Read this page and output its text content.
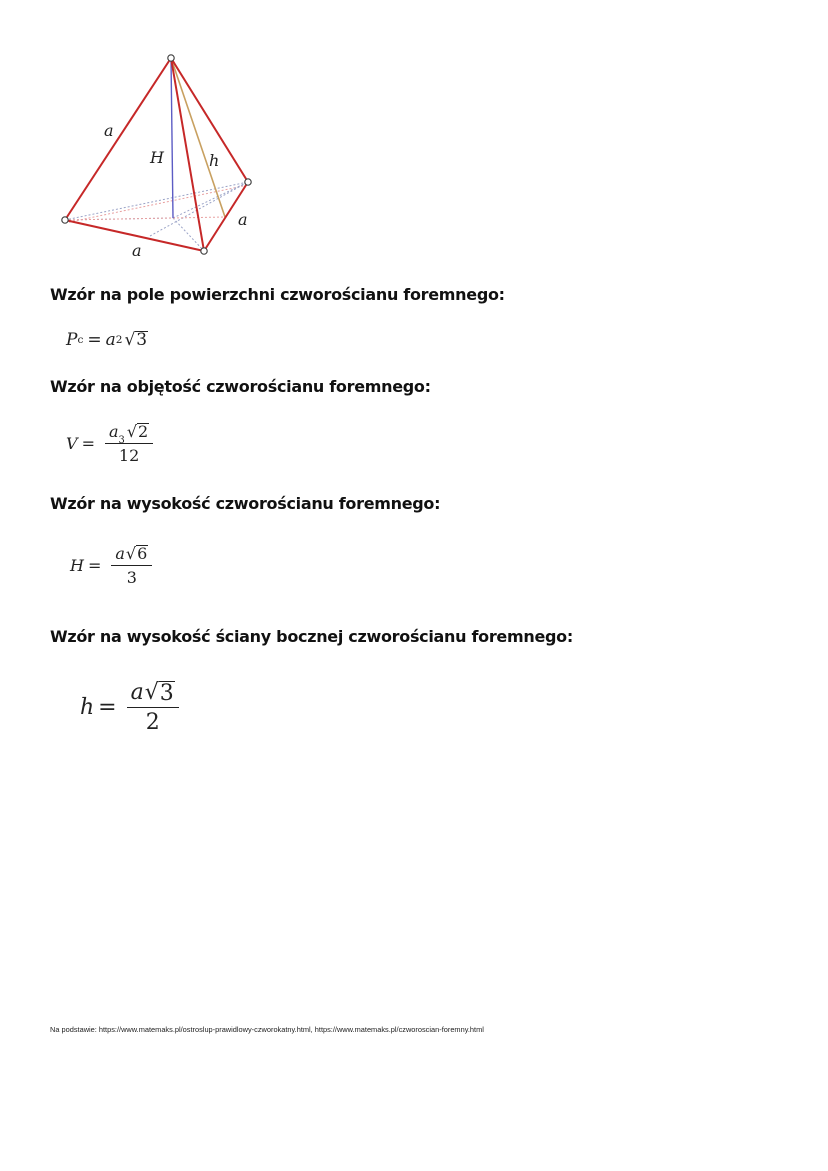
a
H	h
a
a
Wzór na pole powierzchni czworościanu foremnego:
P c = a 2 √ 3
Wzór na objętość czworościanu foremnego:
$V = \frac{a 3 √ 2}{12}$
Wzór na wysokość czworościanu foremnego:
$H = \frac{a √ 6}{3}$
Wzór na wysokość ściany bocznej czworościanu foremnego:
$h = \frac{a √ 3}{2}$
Na podstawie: https://www.matemaks.pl/ostroslup-prawidlowy-czworokatny.html, https://www.matemaks.pl/czworoscian-foremny.html
